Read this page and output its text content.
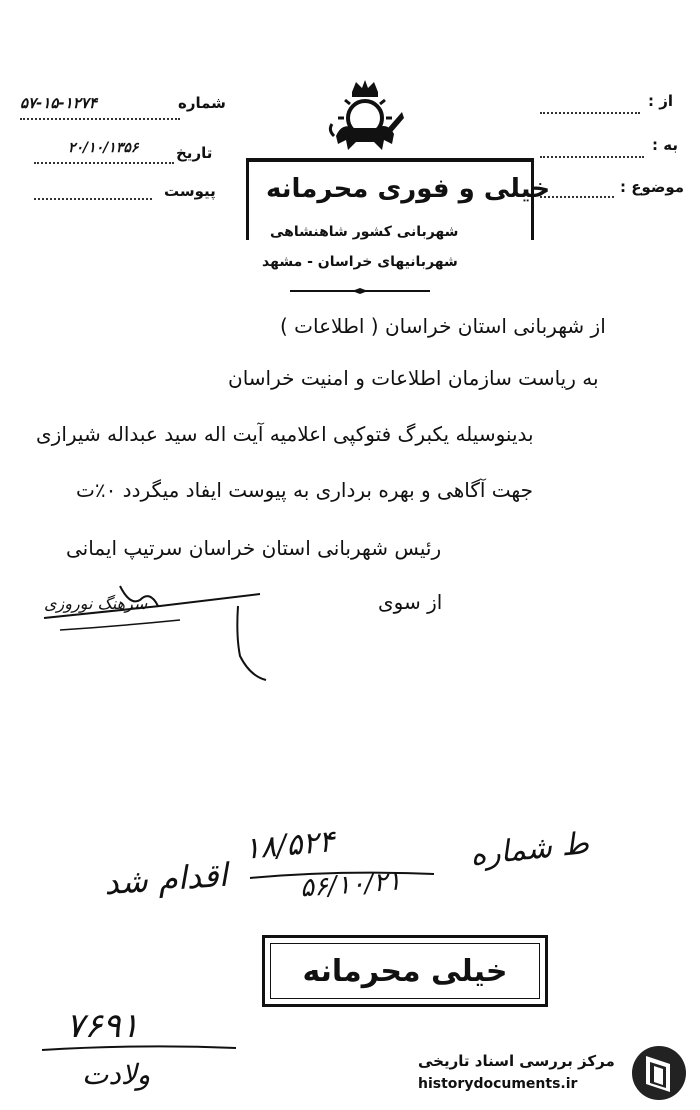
شماره
۵۷-۱۵-۱۲۷۴
تاریخ
۲۰/۱۰/۱۳۵۶
پیوست
از :
به :
موضوع :
خیلی و فوری محرمانه
شهربانی کشور شاهنشاهی
شهربانیهای خراسان - مشهد
از شهربانی استان خراسان ( اطلاعات )
به ریاست سازمان اطلاعات و امنیت خراسان
بدینوسیله یکبرگ فتوکپی اعلامیه آیت اله سید عبداله شیرازی
جهت آگاهی و بهره برداری به پیوست ایفاد میگردد ۰٪ت
رئیس شهربانی استان خراسان سرتیپ ایمانی
از سوی
سرهنگ نوروزی
اقدام شد
۱۸/۵۲۴
۵۶/۱۰/۲۱
ط شماره
خیلی محرمانه
۷۶۹۱
ولادت	مرکز بررسی اسناد تاریخی
historydocuments.ir
